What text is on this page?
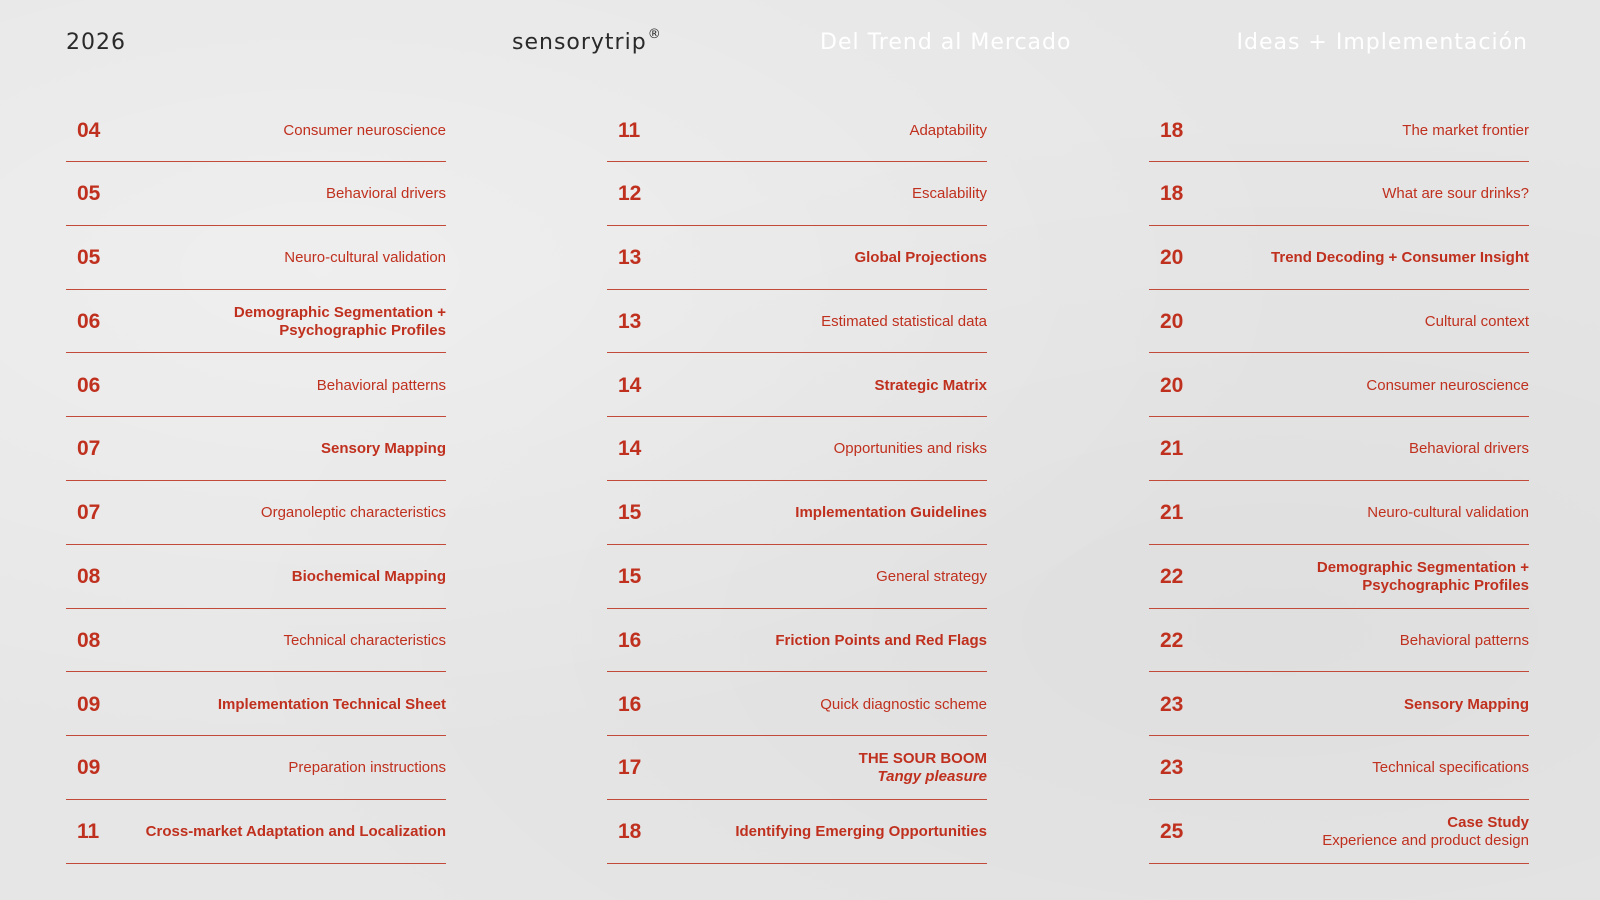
2026	sensorytrip®	Del Trend al Mercado	Ideas + Implementación
04	Consumer neuroscience
05	Behavioral drivers
05	Neuro-cultural validation
06	Demographic Segmentation + Psychographic Profiles
06	Behavioral patterns
07	Sensory Mapping
07	Organoleptic characteristics
08	Biochemical Mapping
08	Technical characteristics
09	Implementation Technical Sheet
09	Preparation instructions
11	Cross-market Adaptation and Localization
11	Adaptability
12	Escalability
13	Global Projections
13	Estimated statistical data
14	Strategic Matrix
14	Opportunities and risks
15	Implementation Guidelines
15	General strategy
16	Friction Points and Red Flags
16	Quick diagnostic scheme
17	THE SOUR BOOM
Tangy pleasure
18	Identifying Emerging Opportunities
18	The market frontier
18	What are sour drinks?
20	Trend Decoding + Consumer Insight
20	Cultural context
20	Consumer neuroscience
21	Behavioral drivers
21	Neuro-cultural validation
22	Demographic Segmentation + Psychographic Profiles
22	Behavioral patterns
23	Sensory Mapping
23	Technical specifications
25	Case Study
Experience and product design
